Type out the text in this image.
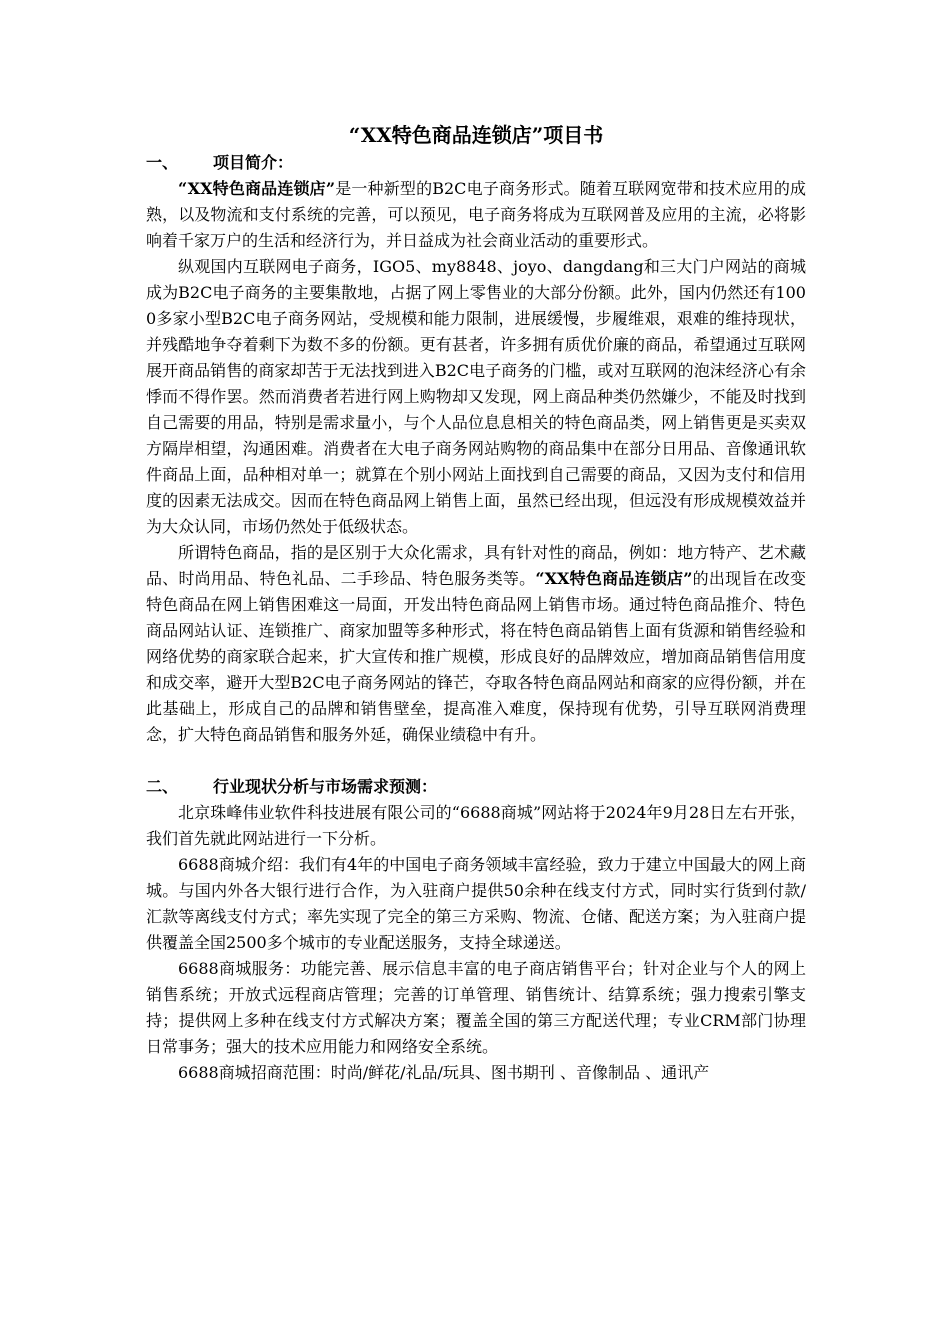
“XX特色商品连锁店”项目书
一、 项目简介：

“XX特色商品连锁店”是一种新型的B2C电子商务形式。随着互联网宽带和技术应用的成熟，以及物流和支付系统的完善，可以预见，电子商务将成为互联网普及应用的主流，必将影响着千家万户的生活和经济行为，并日益成为社会商业活动的重要形式。

纵观国内互联网电子商务，IGO5、my8848、joyo、dangdang和三大门户网站的商城成为B2C电子商务的主要集散地，占据了网上零售业的大部分份额。此外，国内仍然还有1000多家小型B2C电子商务网站，受规模和能力限制，进展缓慢，步履维艰，艰难的维持现状，并残酷地争夺着剩下为数不多的份额。更有甚者，许多拥有质优价廉的商品，希望通过互联网展开商品销售的商家却苦于无法找到进入B2C电子商务的门槛，或对互联网的泡沫经济心有余悸而不得作罢。然而消费者若进行网上购物却又发现，网上商品种类仍然嫌少，不能及时找到自己需要的用品，特别是需求量小，与个人品位息息相关的特色商品类，网上销售更是买卖双方隔岸相望，沟通困难。消费者在大电子商务网站购物的商品集中在部分日用品、音像通讯软件商品上面，品种相对单一；就算在个别小网站上面找到自己需要的商品，又因为支付和信用度的因素无法成交。因而在特色商品网上销售上面，虽然已经出现，但远没有形成规模效益并为大众认同，市场仍然处于低级状态。

所谓特色商品，指的是区别于大众化需求，具有针对性的商品，例如：地方特产、艺术藏品、时尚用品、特色礼品、二手珍品、特色服务类等。“XX特色商品连锁店”的出现旨在改变特色商品在网上销售困难这一局面，开发出特色商品网上销售市场。通过特色商品推介、特色商品网站认证、连锁推广、商家加盟等多种形式，将在特色商品销售上面有货源和销售经验和网络优势的商家联合起来，扩大宣传和推广规模，形成良好的品牌效应，增加商品销售信用度和成交率，避开大型B2C电子商务网站的锋芒，夺取各特色商品网站和商家的应得份额，并在此基础上，形成自己的品牌和销售壁垒，提高准入难度，保持现有优势，引导互联网消费理念，扩大特色商品销售和服务外延，确保业绩稳中有升。

二、 行业现状分析与市场需求预测：

北京珠峰伟业软件科技进展有限公司的“6688商城”网站将于2024年9月28日左右开张，我们首先就此网站进行一下分析。

6688商城介绍：我们有4年的中国电子商务领域丰富经验，致力于建立中国最大的网上商城。与国内外各大银行进行合作，为入驻商户提供50余种在线支付方式，同时实行货到付款/汇款等离线支付方式；率先实现了完全的第三方采购、物流、仓储、配送方案；为入驻商户提供覆盖全国2500多个城市的专业配送服务，支持全球递送。

6688商城服务：功能完善、展示信息丰富的电子商店销售平台；针对企业与个人的网上销售系统；开放式远程商店管理；完善的订单管理、销售统计、结算系统；强力搜索引擎支持；提供网上多种在线支付方式解决方案；覆盖全国的第三方配送代理；专业CRM部门协理日常事务；强大的技术应用能力和网络安全系统。

6688商城招商范围：时尚/鲜花/礼品/玩具、图书期刊 、音像制品 、通讯产
